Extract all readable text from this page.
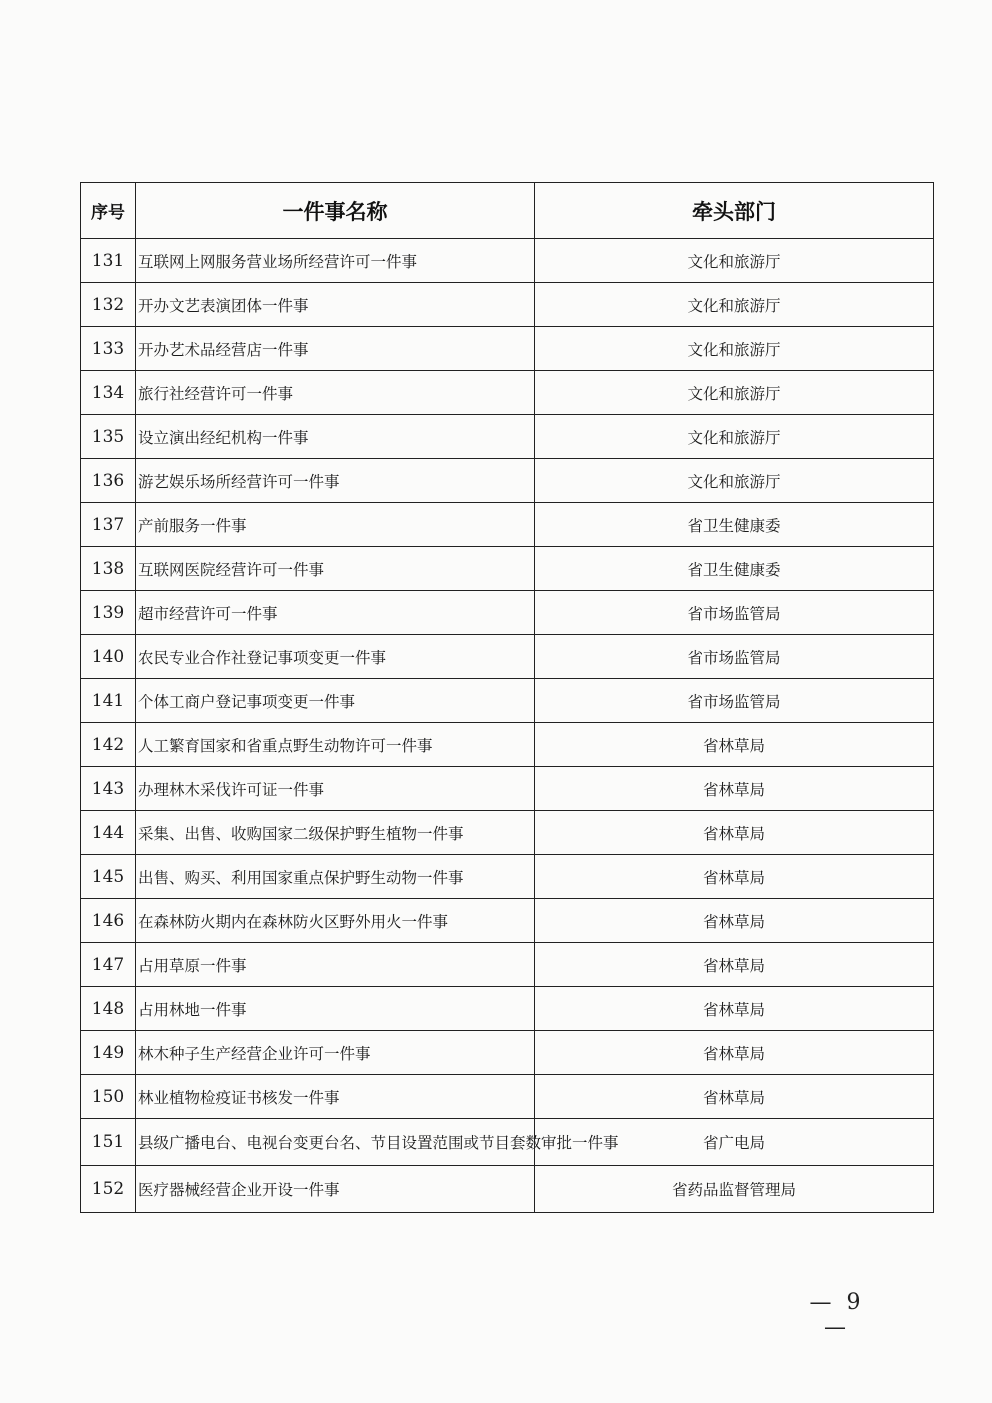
序号	一件事名称	牵头部门
131	互联网上网服务营业场所经营许可一件事	文化和旅游厅
132	开办文艺表演团体一件事	文化和旅游厅
133	开办艺术品经营店一件事	文化和旅游厅
134	旅行社经营许可一件事	文化和旅游厅
135	设立演出经纪机构一件事	文化和旅游厅
136	游艺娱乐场所经营许可一件事	文化和旅游厅
137	产前服务一件事	省卫生健康委
138	互联网医院经营许可一件事	省卫生健康委
139	超市经营许可一件事	省市场监管局
140	农民专业合作社登记事项变更一件事	省市场监管局
141	个体工商户登记事项变更一件事	省市场监管局
142	人工繁育国家和省重点野生动物许可一件事	省林草局
143	办理林木采伐许可证一件事	省林草局
144	采集、出售、收购国家二级保护野生植物一件事	省林草局
145	出售、购买、利用国家重点保护野生动物一件事	省林草局
146	在森林防火期内在森林防火区野外用火一件事	省林草局
147	占用草原一件事	省林草局
148	占用林地一件事	省林草局
149	林木种子生产经营企业许可一件事	省林草局
150	林业植物检疫证书核发一件事	省林草局
151	县级广播电台、电视台变更台名、节目设置范围或节目套数审批一件事	省广电局
152	医疗器械经营企业开设一件事	省药品监督管理局
— 9 —
